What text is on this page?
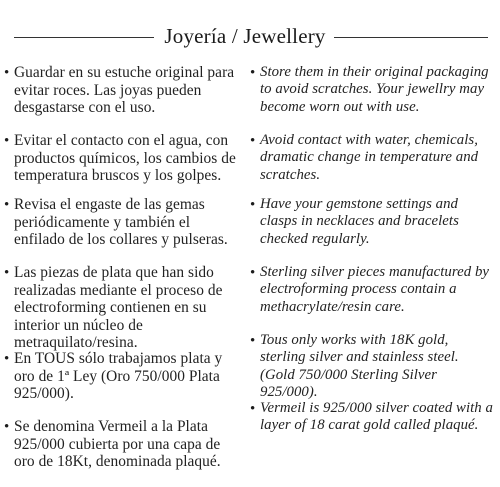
Joyería / Jewellery
• Guardar en su estuche original para evitar roces. Las joyas pueden desgastarse con el uso.
• Evitar el contacto con el agua, con productos químicos, los cambios de temperatura bruscos y los golpes.
• Revisa el engaste de las gemas periódicamente y también el enfilado de los collares y pulseras.
• Las piezas de plata que han sido realizadas mediante el proceso de electroforming contienen en su interior un núcleo de metraquilato/resina.
• En TOUS sólo trabajamos plata y oro de 1ª Ley (Oro 750/000 Plata 925/000).
• Se denomina Vermeil a la Plata 925/000 cubierta por una capa de oro de 18Kt, denominada plaqué.
• Store them in their original packaging to avoid scratches. Your jewellry may become worn out with use.
• Avoid contact with water, chemicals, dramatic change in temperature and scratches.
• Have your gemstone settings and clasps in necklaces and bracelets checked regularly.
• Sterling silver pieces manufactured by electroforming process contain a methacrylate/resin care.
• Tous only works with 18K gold, sterling silver and stainless steel. (Gold 750/000 Sterling Silver 925/000).
• Vermeil is 925/000 silver coated with a layer of 18 carat gold called plaqué.
